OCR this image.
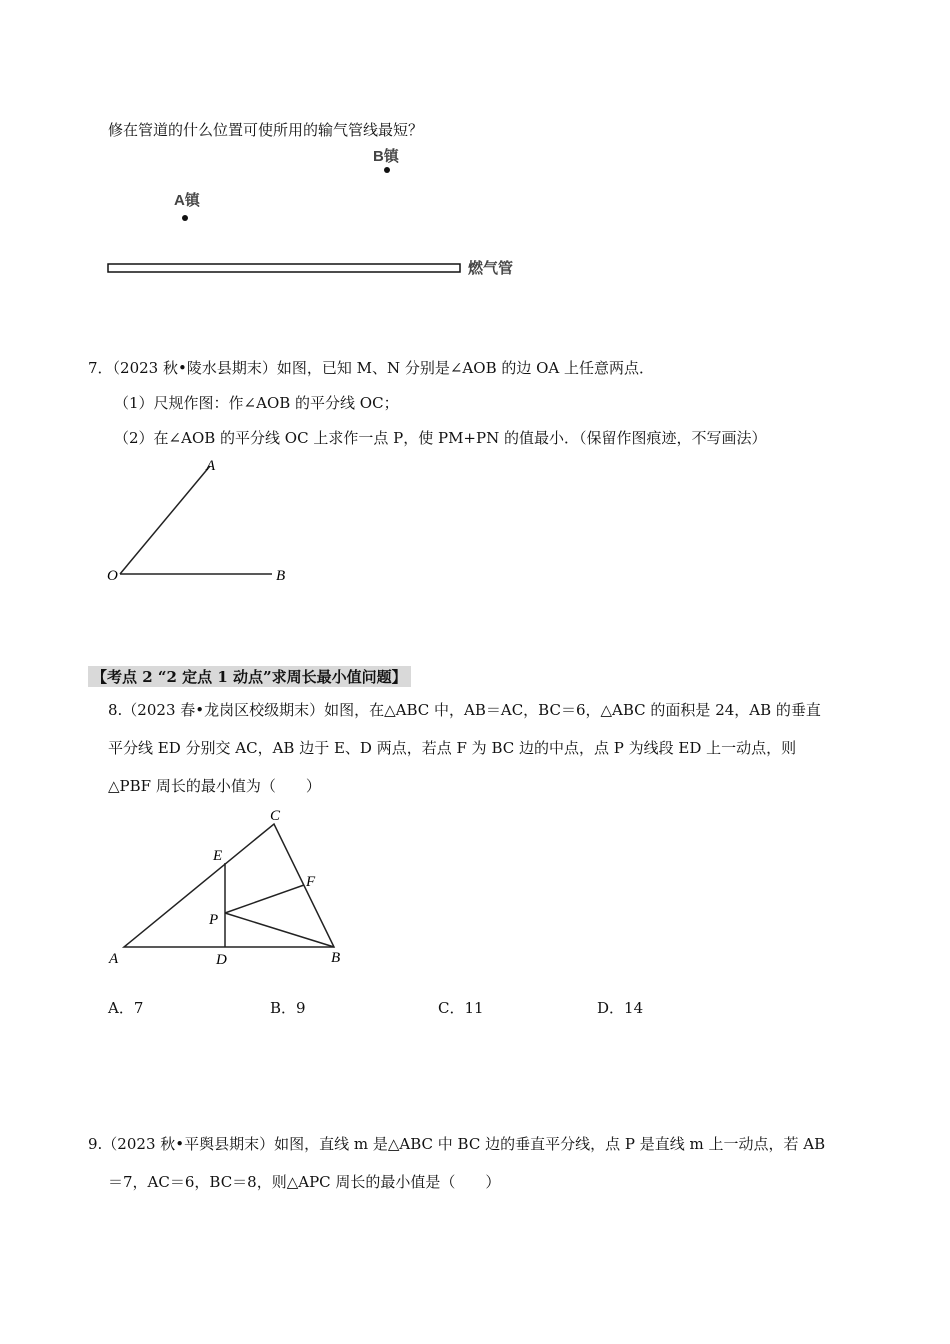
修在管道的什么位置可使所用的输气管线最短？
B镇
A镇
燃气管
7．（2023 秋•陵水县期末）如图，已知 M、N 分别是∠AOB 的边 OA 上任意两点．
（1）尺规作图：作∠AOB 的平分线 OC；
（2）在∠AOB 的平分线 OC 上求作一点 P，使 PM+PN 的值最小．（保留作图痕迹，不写画法）
A
O	B
【考点 2 “2 定点 1 动点”求周长最小值问题】
8.（2023 春•龙岗区校级期末）如图，在△ABC 中，AB＝AC，BC＝6，△ABC 的面积是 24，AB 的垂直
平分线 ED 分别交 AC，AB 边于 E、D 两点，若点 F 为 BC 边的中点，点 P 为线段 ED 上一动点，则
△PBF 周长的最小值为（　　）
C
E
F
P
A	D	B
A．7	B．9	C．11	D．14
9.（2023 秋•平舆县期末）如图，直线 m 是△ABC 中 BC 边的垂直平分线，点 P 是直线 m 上一动点，若 AB
＝7，AC＝6，BC＝8，则△APC 周长的最小值是（　　）
